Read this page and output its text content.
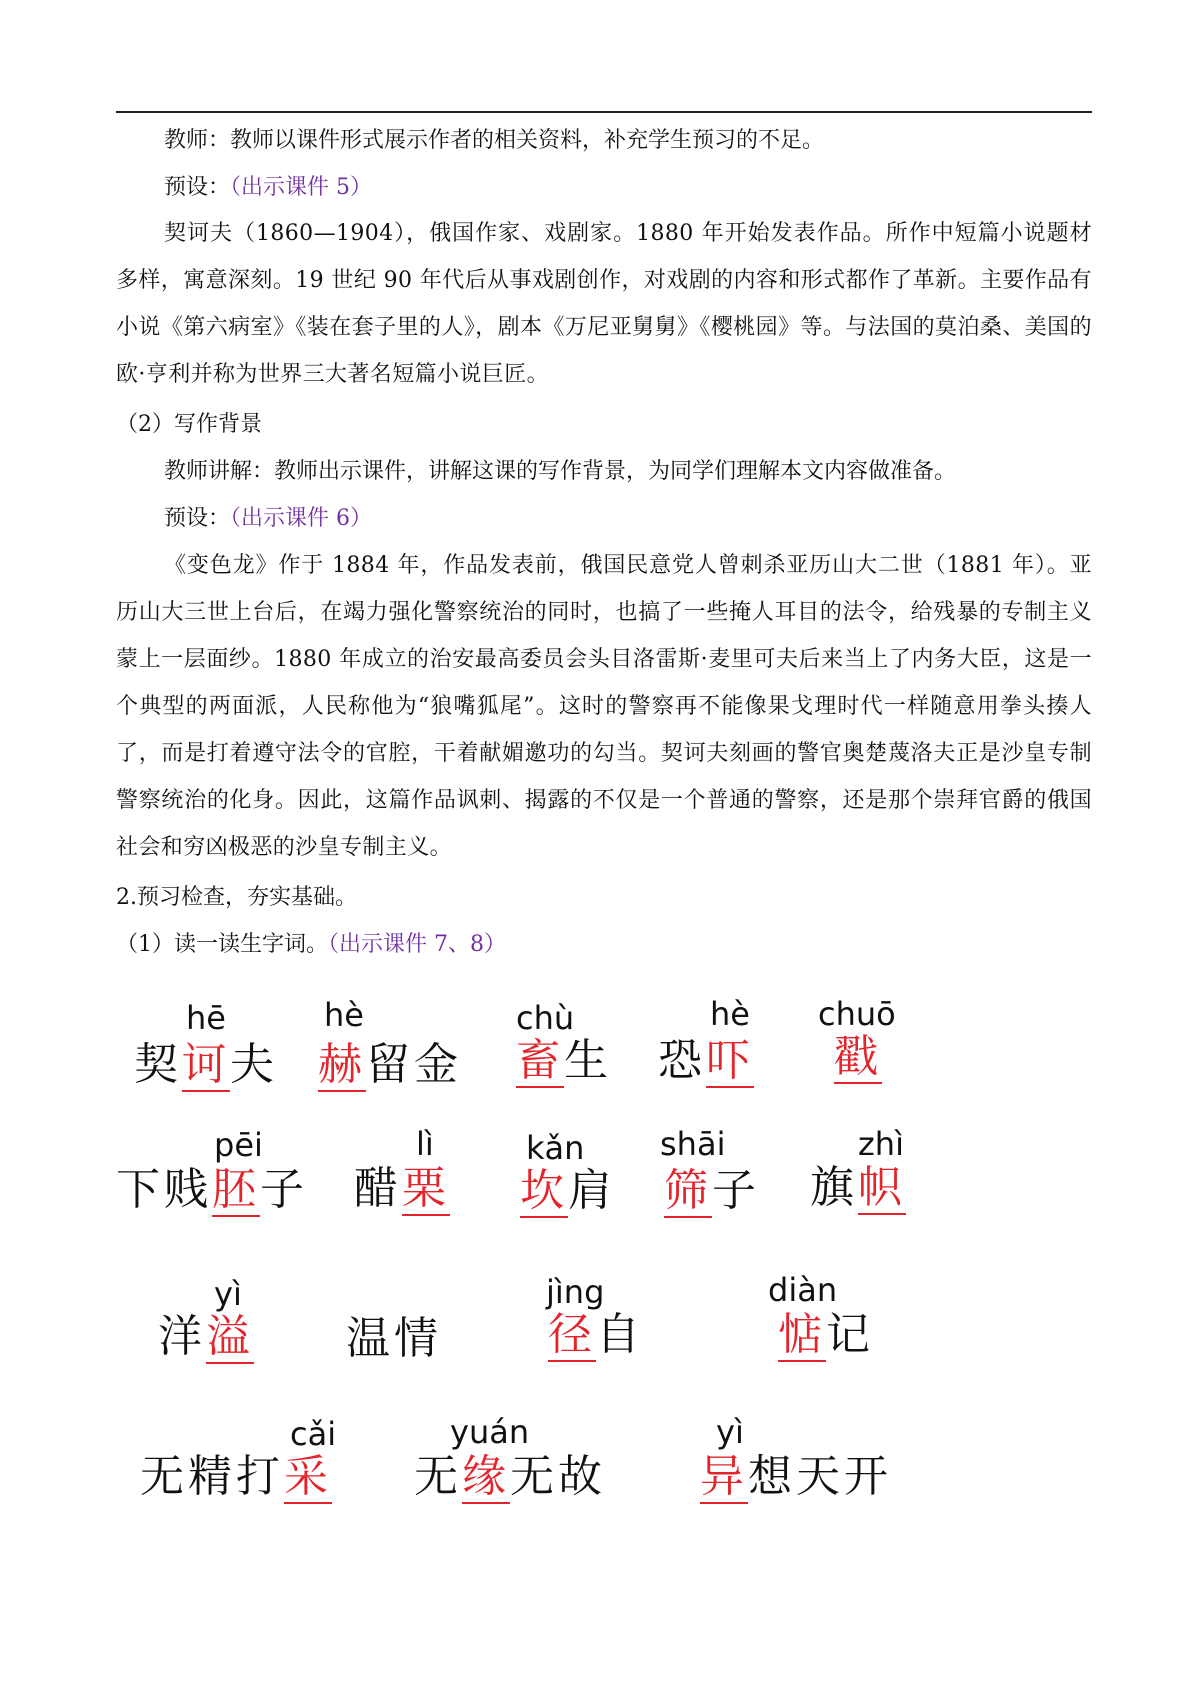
教师：教师以课件形式展示作者的相关资料，补充学生预习的不足。
预设：（出示课件 5）
契诃夫（1860—1904），俄国作家、戏剧家。1880 年开始发表作品。所作中短篇小说题材多样，寓意深刻。19 世纪 90 年代后从事戏剧创作，对戏剧的内容和形式都作了革新。主要作品有小说《第六病室》《装在套子里的人》，剧本《万尼亚舅舅》《樱桃园》等。与法国的莫泊桑、美国的欧·亨利并称为世界三大著名短篇小说巨匠。
（2）写作背景
教师讲解：教师出示课件，讲解这课的写作背景，为同学们理解本文内容做准备。
预设：（出示课件 6）
《变色龙》作于 1884 年，作品发表前，俄国民意党人曾刺杀亚历山大二世（1881 年）。亚历山大三世上台后，在竭力强化警察统治的同时，也搞了一些掩人耳目的法令，给残暴的专制主义蒙上一层面纱。1880 年成立的治安最高委员会头目洛雷斯·麦里可夫后来当上了内务大臣，这是一个典型的两面派，人民称他为“狼嘴狐尾”。这时的警察再不能像果戈理时代一样随意用拳头揍人了，而是打着遵守法令的官腔，干着献媚邀功的勾当。契诃夫刻画的警官奥楚蔑洛夫正是沙皇专制警察统治的化身。因此，这篇作品讽刺、揭露的不仅是一个普通的警察，还是那个崇拜官爵的俄国社会和穷凶极恶的沙皇专制主义。
2.预习检查，夯实基础。
（1）读一读生字词。（出示课件 7、8）
契诃夫
hē
赫留金
hè
畜生
chù
恐吓
hè
戳
chuō
下贱胚子
pēi
醋栗
lì
坎肩
kǎn
筛子
shāi
旗帜
zhì
洋溢
yì
温情 径自
jìng
惦记
diàn
无精打采
cǎi
无缘无故
yuán
异想天开
yì
